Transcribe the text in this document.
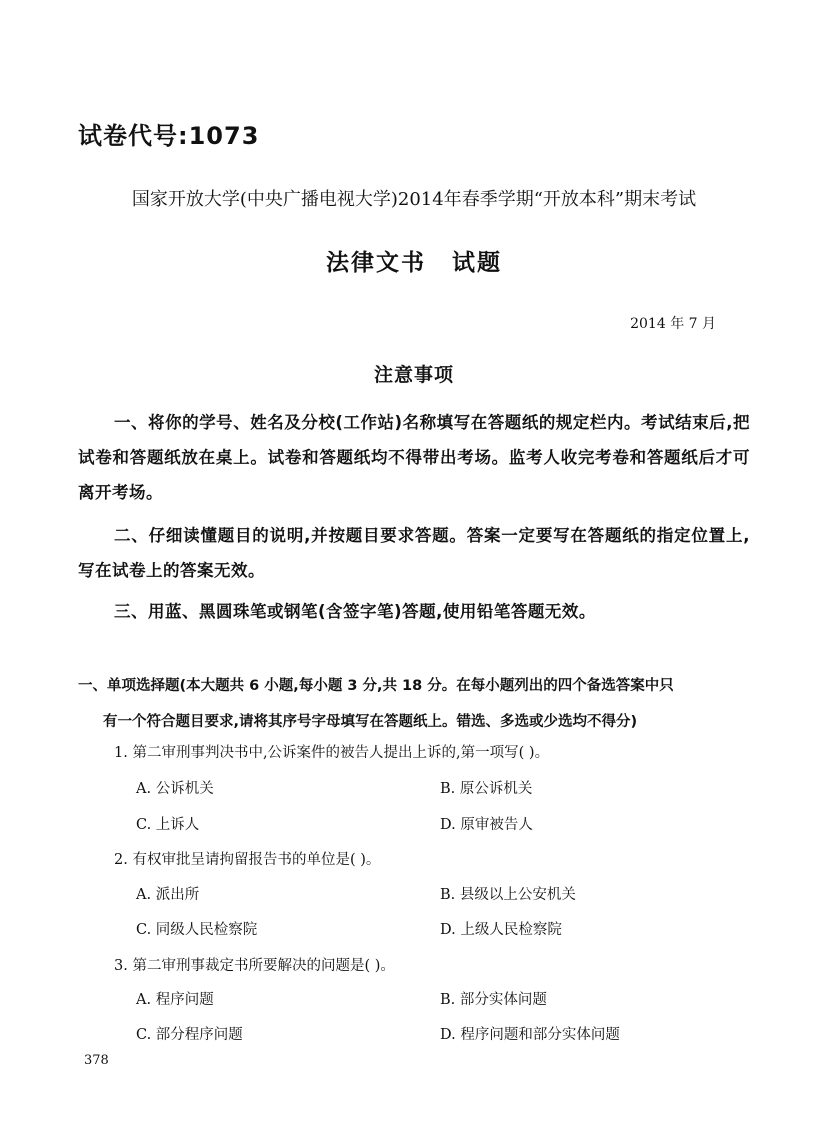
试卷代号:1073
国家开放大学(中央广播电视大学)2014年春季学期“开放本科”期末考试
法律文书 试题
2014 年 7 月
注意事项
一、将你的学号、姓名及分校(工作站)名称填写在答题纸的规定栏内。考试结束后,把试卷和答题纸放在桌上。试卷和答题纸均不得带出考场。监考人收完考卷和答题纸后才可离开考场。
二、仔细读懂题目的说明,并按题目要求答题。答案一定要写在答题纸的指定位置上,写在试卷上的答案无效。
三、用蓝、黑圆珠笔或钢笔(含签字笔)答题,使用铅笔答题无效。
一、单项选择题(本大题共 6 小题,每小题 3 分,共 18 分。在每小题列出的四个备选答案中只
有一个符合题目要求,请将其序号字母填写在答题纸上。错选、多选或少选均不得分)
1. 第二审刑事判决书中,公诉案件的被告人提出上诉的,第一项写( )。
A. 公诉机关	B. 原公诉机关
C. 上诉人	D. 原审被告人
2. 有权审批呈请拘留报告书的单位是( )。
A. 派出所	B. 县级以上公安机关
C. 同级人民检察院	D. 上级人民检察院
3. 第二审刑事裁定书所要解决的问题是( )。
A. 程序问题	B. 部分实体问题
C. 部分程序问题	D. 程序问题和部分实体问题
378
